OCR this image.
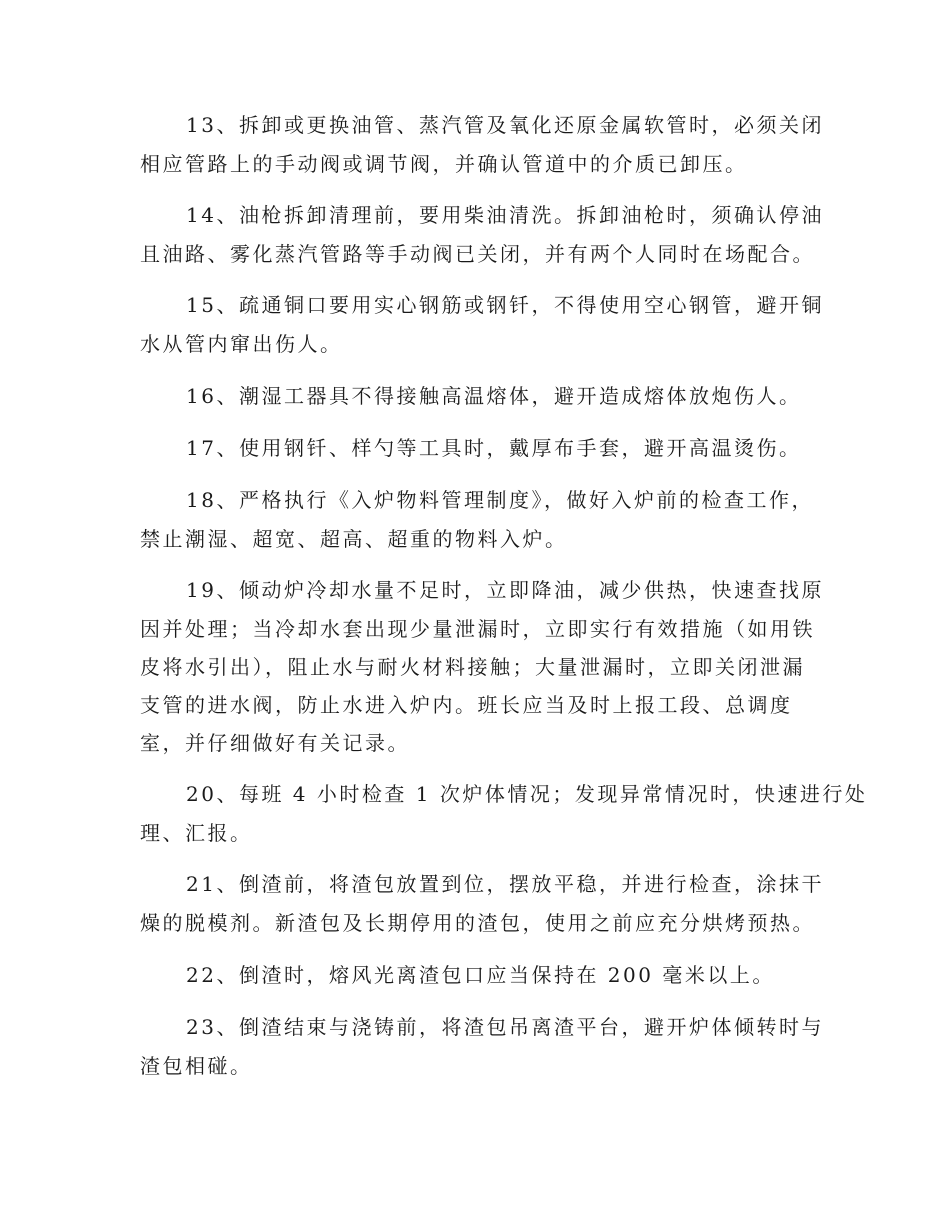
13、拆卸或更换油管、蒸汽管及氧化还原金属软管时，必须关闭

相应管路上的手动阀或调节阀，并确认管道中的介质已卸压。

14、油枪拆卸清理前，要用柴油清洗。拆卸油枪时，须确认停油

且油路、雾化蒸汽管路等手动阀已关闭，并有两个人同时在场配合。

15、疏通铜口要用实心钢筋或钢钎，不得使用空心钢管，避开铜

水从管内窜出伤人。

16、潮湿工器具不得接触高温熔体，避开造成熔体放炮伤人。

17、使用钢钎、样勺等工具时，戴厚布手套，避开高温烫伤。

18、严格执行《入炉物料管理制度》，做好入炉前的检查工作，

禁止潮湿、超宽、超高、超重的物料入炉。

19、倾动炉冷却水量不足时，立即降油，减少供热，快速查找原

因并处理；当冷却水套出现少量泄漏时，立即实行有效措施（如用铁

皮将水引出），阻止水与耐火材料接触；大量泄漏时，立即关闭泄漏

支管的进水阀，防止水进入炉内。班长应当及时上报工段、总调度

室，并仔细做好有关记录。

20、每班 4 小时检查 1 次炉体情况；发现异常情况时，快速进行处

理、汇报。

21、倒渣前，将渣包放置到位，摆放平稳，并进行检查，涂抹干

燥的脱模剂。新渣包及长期停用的渣包，使用之前应充分烘烤预热。

22、倒渣时，熔风光离渣包口应当保持在 200 毫米以上。

23、倒渣结束与浇铸前，将渣包吊离渣平台，避开炉体倾转时与

渣包相碰。
